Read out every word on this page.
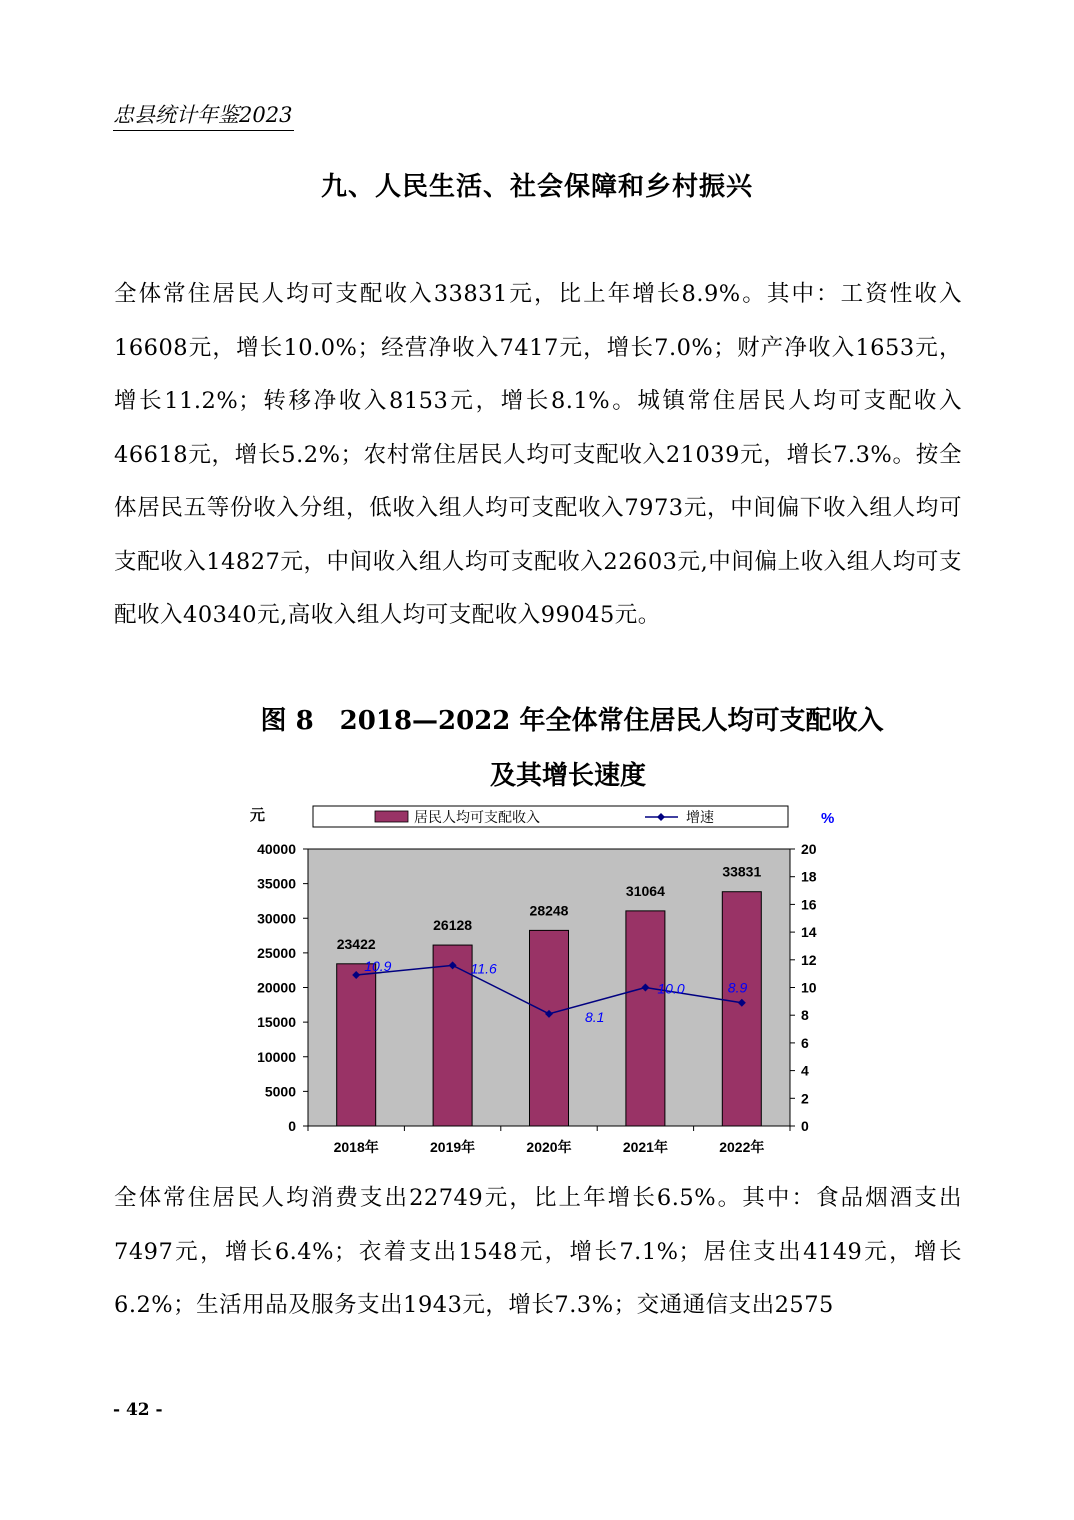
忠县统计年鉴2023
九、人民生活、社会保障和乡村振兴
全体常住居民人均可支配收入33831元，比上年增长8.9%。其中：工资性收入16608元，增长10.0%；经营净收入7417元，增长7.0%；财产净收入1653元，增长11.2%；转移净收入8153元，增长8.1%。城镇常住居民人均可支配收入46618元，增长5.2%；农村常住居民人均可支配收入21039元，增长7.3%。按全体居民五等份收入分组，低收入组人均可支配收入7973元，中间偏下收入组人均可支配收入14827元，中间收入组人均可支配收入22603元,中间偏上收入组人均可支配收入40340元,高收入组人均可支配收入99045元。
图 8　2018—2022 年全体常住居民人均可支配收入
及其增长速度
居民人均可支配收入	增速
0
5000
10000
15000
20000
25000
30000
35000
40000
0
2
4
6
8
10
12
14
16
18
20
元	%
23422
26128
28248
31064
33831
2018年	2019年	2020年	2021年	2022年
10.9	11.6
8.1
10.0	8.9
全体常住居民人均消费支出22749元，比上年增长6.5%。其中：食品烟酒支出7497元，增长6.4%；衣着支出1548元，增长7.1%；居住支出4149元，增长6.2%；生活用品及服务支出1943元，增长7.3%；交通通信支出2575
- 42 -
